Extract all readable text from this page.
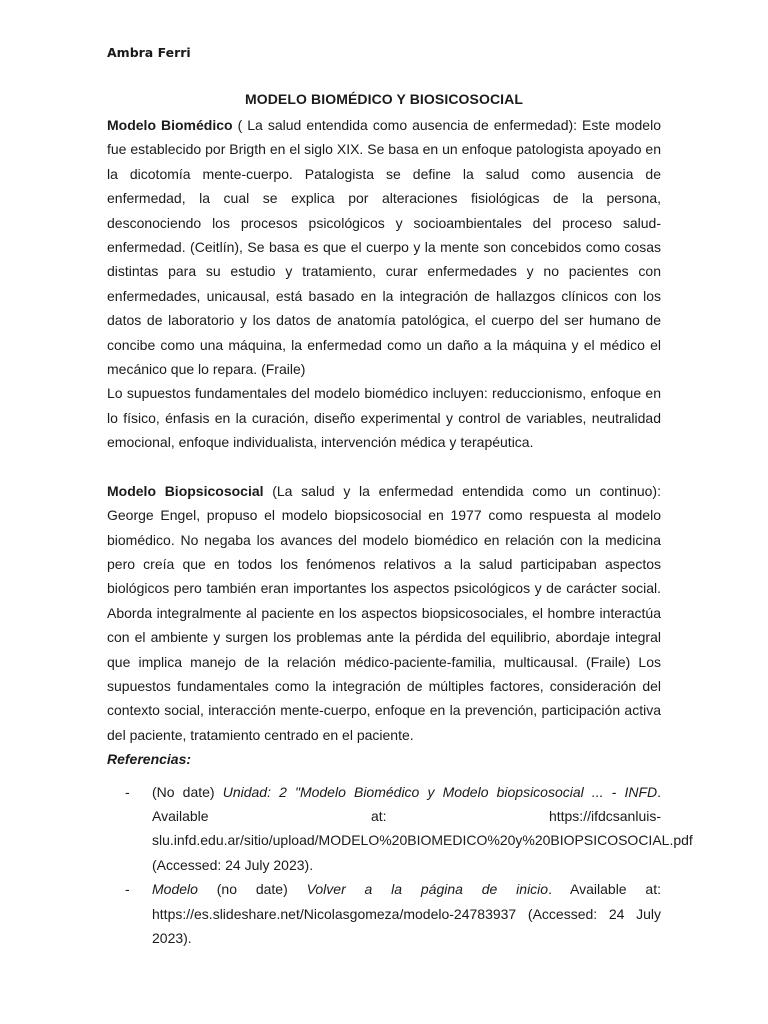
Ambra Ferri
MODELO BIOMÉDICO Y BIOSICOSOCIAL

Modelo Biomédico ( La salud entendida como ausencia de enfermedad): Este modelo fue establecido por Brigth en el siglo XIX. Se basa en un enfoque patologista apoyado en la dicotomía mente-cuerpo. Patalogista se define la salud como ausencia de enfermedad, la cual se explica por alteraciones fisiológicas de la persona, desconociendo los procesos psicológicos y socioambientales del proceso salud-enfermedad. (Ceitlín), Se basa es que el cuerpo y la mente son concebidos como cosas distintas para su estudio y tratamiento, curar enfermedades y no pacientes con enfermedades, unicausal, está basado en la integración de hallazgos clínicos con los datos de laboratorio y los datos de anatomía patológica, el cuerpo del ser humano de concibe como una máquina, la enfermedad como un daño a la máquina y el médico el mecánico que lo repara. (Fraile)

Lo supuestos fundamentales del modelo biomédico incluyen: reduccionismo, enfoque en lo físico, énfasis en la curación, diseño experimental y control de variables, neutralidad emocional, enfoque individualista, intervención médica y terapéutica.

Modelo Biopsicosocial (La salud y la enfermedad entendida como un continuo): George Engel, propuso el modelo biopsicosocial en 1977 como respuesta al modelo biomédico. No negaba los avances del modelo biomédico en relación con la medicina pero creía que en todos los fenómenos relativos a la salud participaban aspectos biológicos pero también eran importantes los aspectos psicológicos y de carácter social. Aborda integralmente al paciente en los aspectos biopsicosociales, el hombre interactúa con el ambiente y surgen los problemas ante la pérdida del equilibrio, abordaje integral que implica manejo de la relación médico-paciente-familia, multicausal. (Fraile) Los supuestos fundamentales como la integración de múltiples factores, consideración del contexto social, interacción mente-cuerpo, enfoque en la prevención, participación activa del paciente, tratamiento centrado en el paciente.

Referencias:

- (No date) Unidad: 2 "Modelo Biomédico y Modelo biopsicosocial ... - INFD. Available at: https://ifdcsanluis-slu.infd.edu.ar/sitio/upload/MODELO%20BIOMEDICO%20y%20BIOPSICOSOCIAL.pdf (Accessed: 24 July 2023).
- Modelo (no date) Volver a la página de inicio. Available at: https://es.slideshare.net/Nicolasgomeza/modelo-24783937 (Accessed: 24 July 2023).
